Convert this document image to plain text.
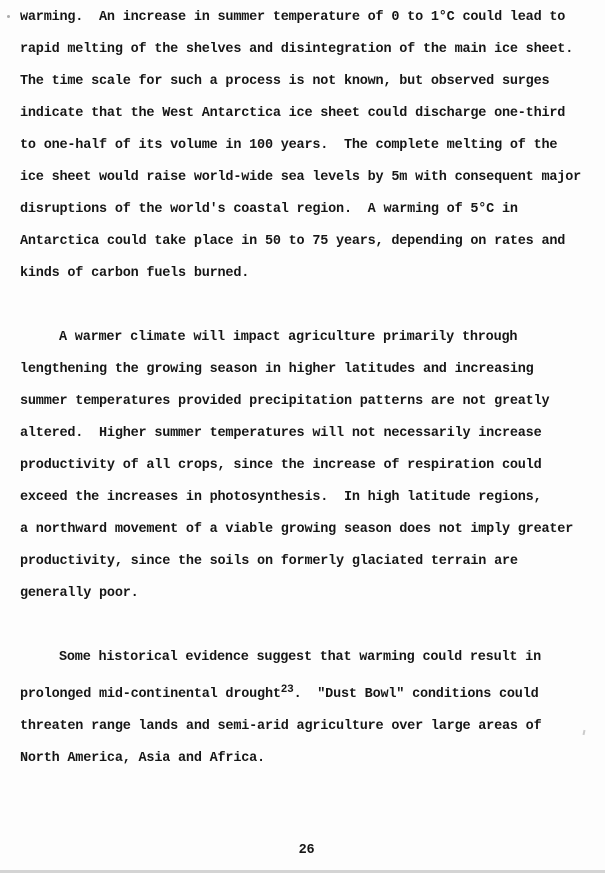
warming.  An increase in summer temperature of 0 to 1°C could lead to
rapid melting of the shelves and disintegration of the main ice sheet.
The time scale for such a process is not known, but observed surges
indicate that the West Antarctica ice sheet could discharge one-third
to one-half of its volume in 100 years.  The complete melting of the
ice sheet would raise world-wide sea levels by 5m with consequent major
disruptions of the world's coastal region.  A warming of 5°C in
Antarctica could take place in 50 to 75 years, depending on rates and
kinds of carbon fuels burned.
A warmer climate will impact agriculture primarily through
lengthening the growing season in higher latitudes and increasing
summer temperatures provided precipitation patterns are not greatly
altered.  Higher summer temperatures will not necessarily increase
productivity of all crops, since the increase of respiration could
exceed the increases in photosynthesis.  In high latitude regions,
a northward movement of a viable growing season does not imply greater
productivity, since the soils on formerly glaciated terrain are
generally poor.
Some historical evidence suggest that warming could result in
prolonged mid-continental drought$^{23}$.  "Dust Bowl" conditions could
threaten range lands and semi-arid agriculture over large areas of
North America, Asia and Africa.
26
